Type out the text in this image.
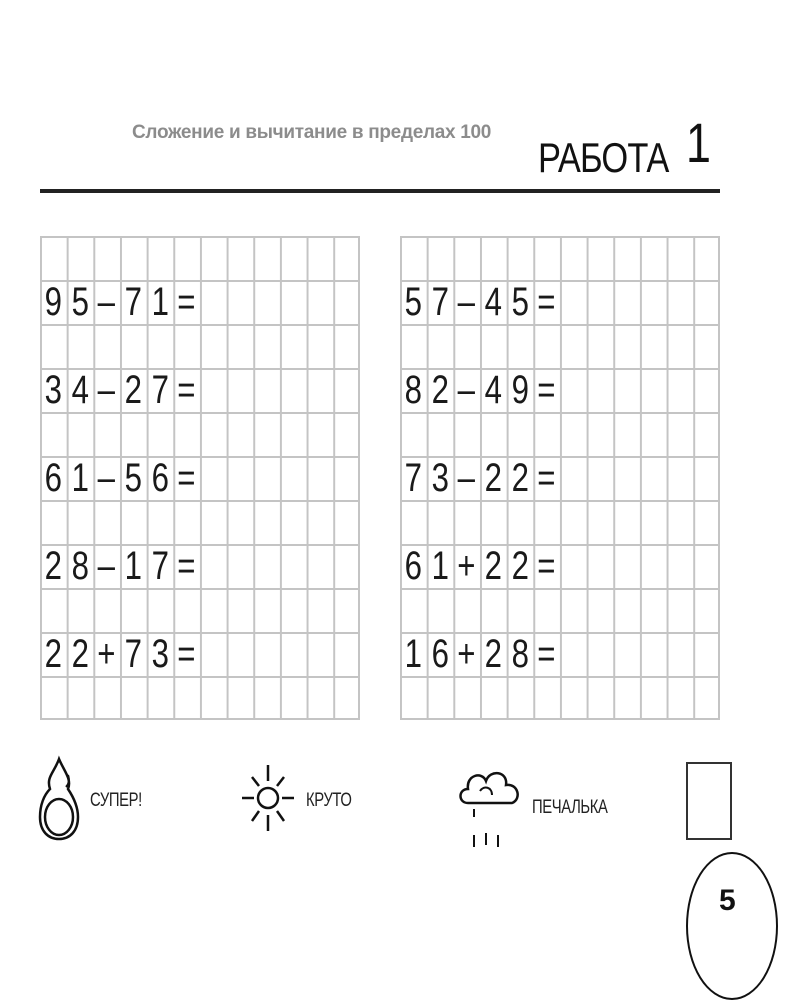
Сложение и вычитание в пределах 100
РАБОТА 1
9 5 – 7 1 =
3 4 – 2 7 =
6 1 – 5 6 =
2 8 – 1 7 =
2 2 + 7 3 =
5 7 – 4 5 =
8 2 – 4 9 =
7 3 – 2 2 =
6 1 + 2 2 =
1 6 + 2 8 =
СУПЕР!	КРУТО	ПЕЧАЛЬКА
5
